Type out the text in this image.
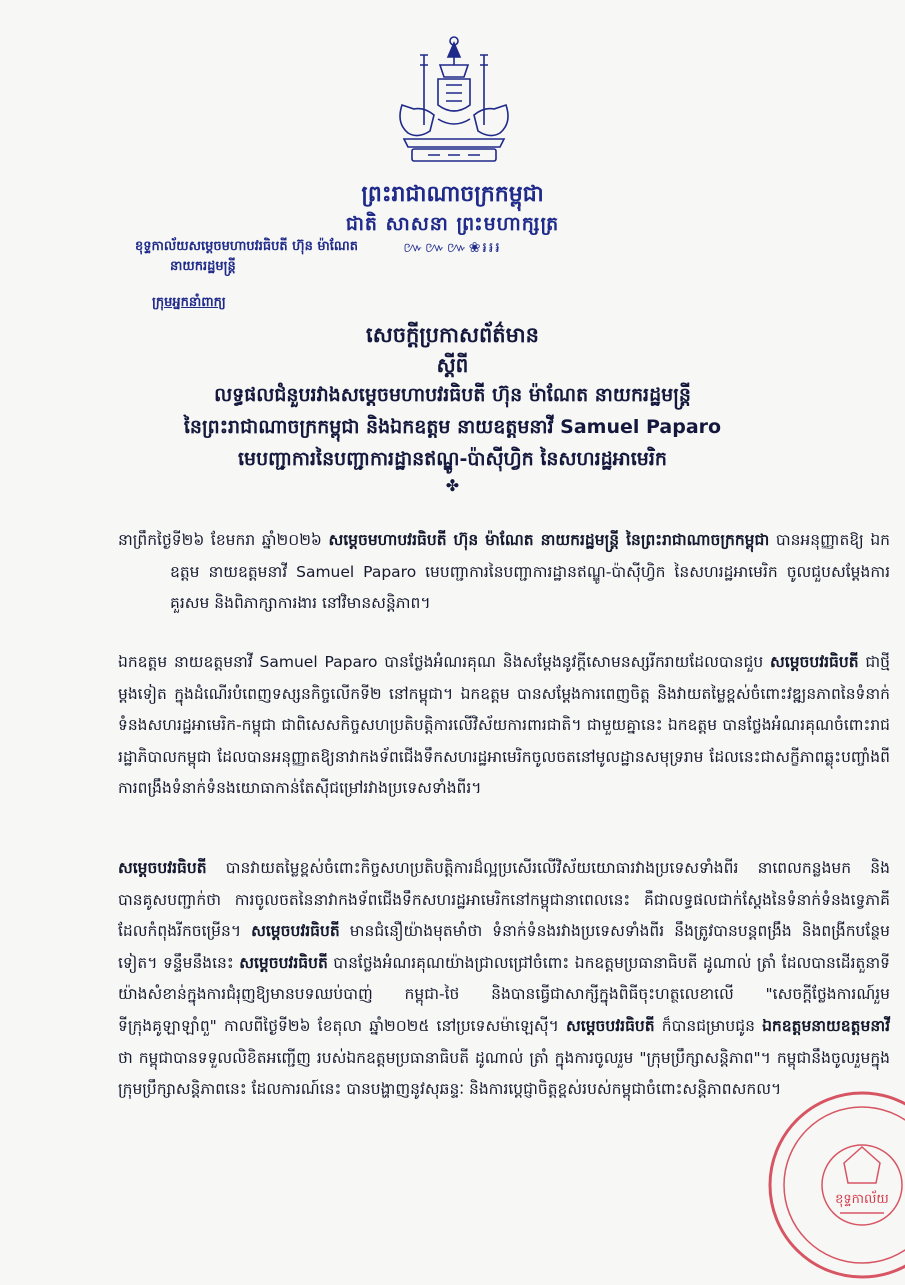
ព្រះរាជាណាចក្រកម្ពុជា
ជាតិ សាសនា ព្រះមហាក្សត្រ
៚៚៚❀៛៛៛
ខុទ្ទកាល័យសម្តេចមហាបវរធិបតី ហ៊ុន ម៉ាណែត
នាយករដ្ឋមន្ត្រី
ក្រុមអ្នកនាំពាក្យ
សេចក្តីប្រកាសព័ត៌មាន
ស្តីពី
លទ្ធផលជំនួបរវាងសម្តេចមហាបវរធិបតី ហ៊ុន ម៉ាណែត នាយករដ្ឋមន្ត្រី
នៃព្រះរាជាណាចក្រកម្ពុជា និងឯកឧត្តម នាយឧត្តមនាវី Samuel Paparo
មេបញ្ជាការនៃបញ្ជាការដ្ឋានឥណ្ឌូ-ប៉ាស៊ីហ្វិក នៃសហរដ្ឋអាមេរិក
✤
នាព្រឹកថ្ងៃទី២៦ ខែមករា ឆ្នាំ២០២៦ សម្តេចមហាបវរធិបតី ហ៊ុន ម៉ាណែត នាយករដ្ឋមន្ត្រី នៃព្រះរាជាណាចក្រកម្ពុជា បានអនុញ្ញាតឱ្យ ឯកឧត្តម នាយឧត្តមនាវី Samuel Paparo មេបញ្ជាការនៃបញ្ជាការដ្ឋានឥណ្ឌូ-ប៉ាស៊ីហ្វិក នៃសហរដ្ឋអាមេរិក ចូលជួបសម្តែងការគួរសម និងពិភាក្សាការងារ នៅវិមានសន្តិភាព។
ឯកឧត្តម នាយឧត្តមនាវី Samuel Paparo បានថ្លែងអំណរគុណ និងសម្តែងនូវក្តីសោមនស្សរីករាយដែលបានជួប សម្តេចបវរធិបតី ជាថ្មីម្តងទៀត ក្នុងដំណើរបំពេញទស្សនកិច្ចលើកទី២ នៅកម្ពុជា។ ឯកឧត្តម បានសម្តែងការពេញចិត្ត និងវាយតម្លៃខ្ពស់ចំពោះវឌ្ឍនភាពនៃទំនាក់ទំនងសហរដ្ឋអាមេរិក-កម្ពុជា ជាពិសេសកិច្ចសហប្រតិបត្តិការលើវិស័យការពារជាតិ។ ជាមួយគ្នានេះ ឯកឧត្តម បានថ្លែងអំណរគុណចំពោះរាជរដ្ឋាភិបាលកម្ពុជា ដែលបានអនុញ្ញាតឱ្យនាវាកងទ័ពជើងទឹកសហរដ្ឋអាមេរិកចូលចតនៅមូលដ្ឋានសមុទ្ររាម ដែលនេះជាសក្ខីភាពឆ្លុះបញ្ចាំងពីការពង្រឹងទំនាក់ទំនងយោធាកាន់តែស៊ីជម្រៅរវាងប្រទេសទាំងពីរ។
សម្តេចបវរធិបតី បានវាយតម្លៃខ្ពស់ចំពោះកិច្ចសហប្រតិបត្តិការដ៏ល្អប្រសើរលើវិស័យយោធារវាងប្រទេសទាំងពីរ នាពេលកន្លងមក និងបានគូសបញ្ជាក់ថា ការចូលចតនៃនាវាកងទ័ពជើងទឹកសហរដ្ឋអាមេរិកនៅកម្ពុជានាពេលនេះ គឺជាលទ្ធផលជាក់ស្តែងនៃទំនាក់ទំនងទ្វេភាគីដែលកំពុងរីកចម្រើន។ សម្តេចបវរធិបតី មានជំនឿយ៉ាងមុតមាំថា ទំនាក់ទំនងរវាងប្រទេសទាំងពីរ នឹងត្រូវបានបន្តពង្រឹង និងពង្រីកបន្ថែមទៀត។ ទន្ទឹមនឹងនេះ សម្តេចបវរធិបតី បានថ្លែងអំណរគុណយ៉ាងជ្រាលជ្រៅចំពោះ ឯកឧត្តមប្រធានាធិបតី ដូណាល់ ត្រាំ ដែលបានដើរតួនាទីយ៉ាងសំខាន់ក្នុងការជំរុញឱ្យមានបទឈប់បាញ់ កម្ពុជា-ថៃ និងបានធ្វើជាសាក្សីក្នុងពិធីចុះហត្ថលេខាលើ "សេចក្តីថ្លែងការណ៍រួមទីក្រុងគូឡាឡាំពួ" កាលពីថ្ងៃទី២៦ ខែតុលា ឆ្នាំ២០២៥ នៅប្រទេសម៉ាឡេស៊ី។ សម្តេចបវរធិបតី ក៏បានជម្រាបជូន ឯកឧត្តមនាយឧត្តមនាវី ថា កម្ពុជាបានទទួលលិខិតអញ្ជើញ របស់ឯកឧត្តមប្រធានាធិបតី ដូណាល់ ត្រាំ ក្នុងការចូលរួម "ក្រុមប្រឹក្សាសន្តិភាព"។ កម្ពុជានឹងចូលរួមក្នុងក្រុមប្រឹក្សាសន្តិភាពនេះ ដែលការណ៍នេះ បានបង្ហាញនូវសុឆន្ទៈ និងការប្តេជ្ញាចិត្តខ្ពស់របស់កម្ពុជាចំពោះសន្តិភាពសកល។
ខុទ្ទកាល័យ
